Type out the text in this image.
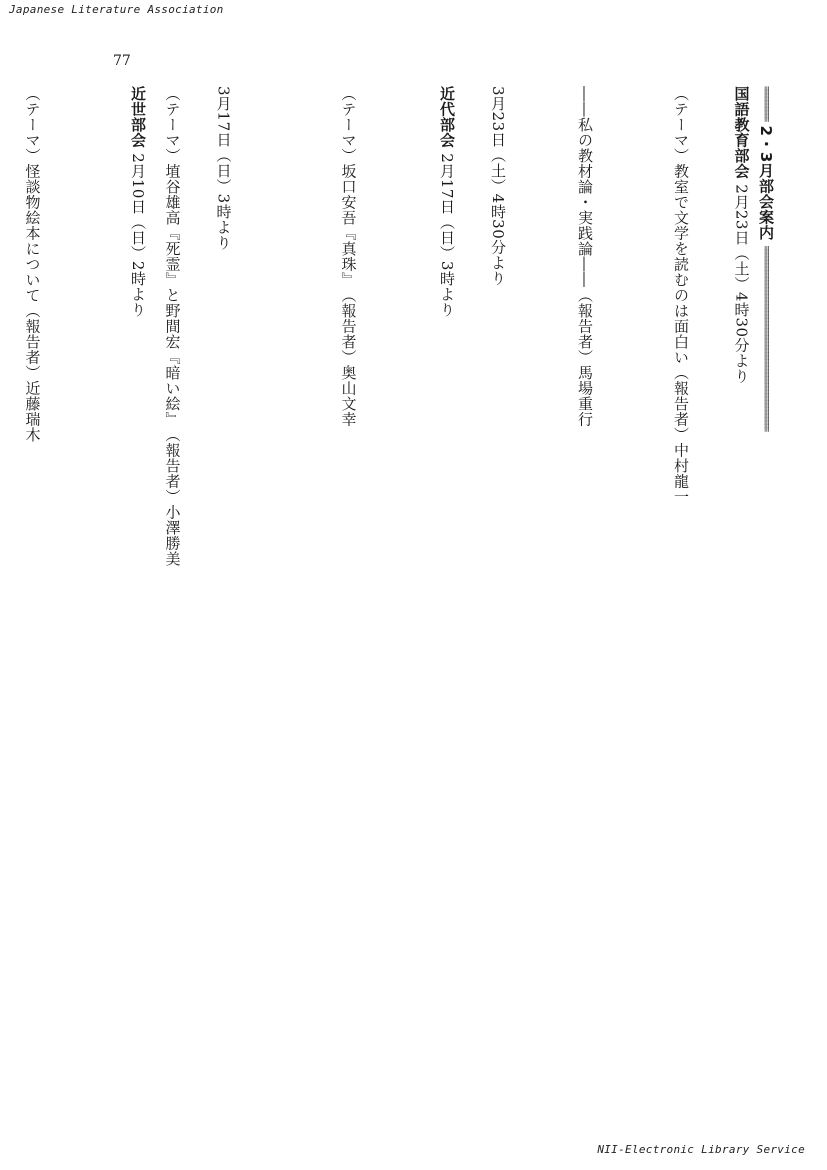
Japanese Literature Association
77
≡≡≡≡≡≡≡≡≡≡ 2・3月部会案内 ≡≡≡≡≡≡≡≡≡≡≡≡≡≡≡≡≡≡≡≡≡≡≡≡≡≡≡≡≡≡≡≡≡≡≡≡≡≡≡≡≡≡≡≡≡≡≡≡≡≡≡≡≡≡
国語教育部会 2月23日（土）4時30分より
（テーマ）教室で文学を読むのは面白い（報告者）中村龍一
――私の教材論・実践論――（報告者）馬場重行
3月23日（土）4時30分より
近代部会 2月17日（日）3時より
（テーマ）坂口安吾『真珠』（報告者）奥山文幸
3月17日（日）3時より
（テーマ）埴谷雄高『死霊』と野間宏『暗い絵』（報告者）小澤勝美
近世部会 2月10日（日）2時より
（テーマ）怪談物絵本について（報告者）近藤瑞木
NII-Electronic Library Service
